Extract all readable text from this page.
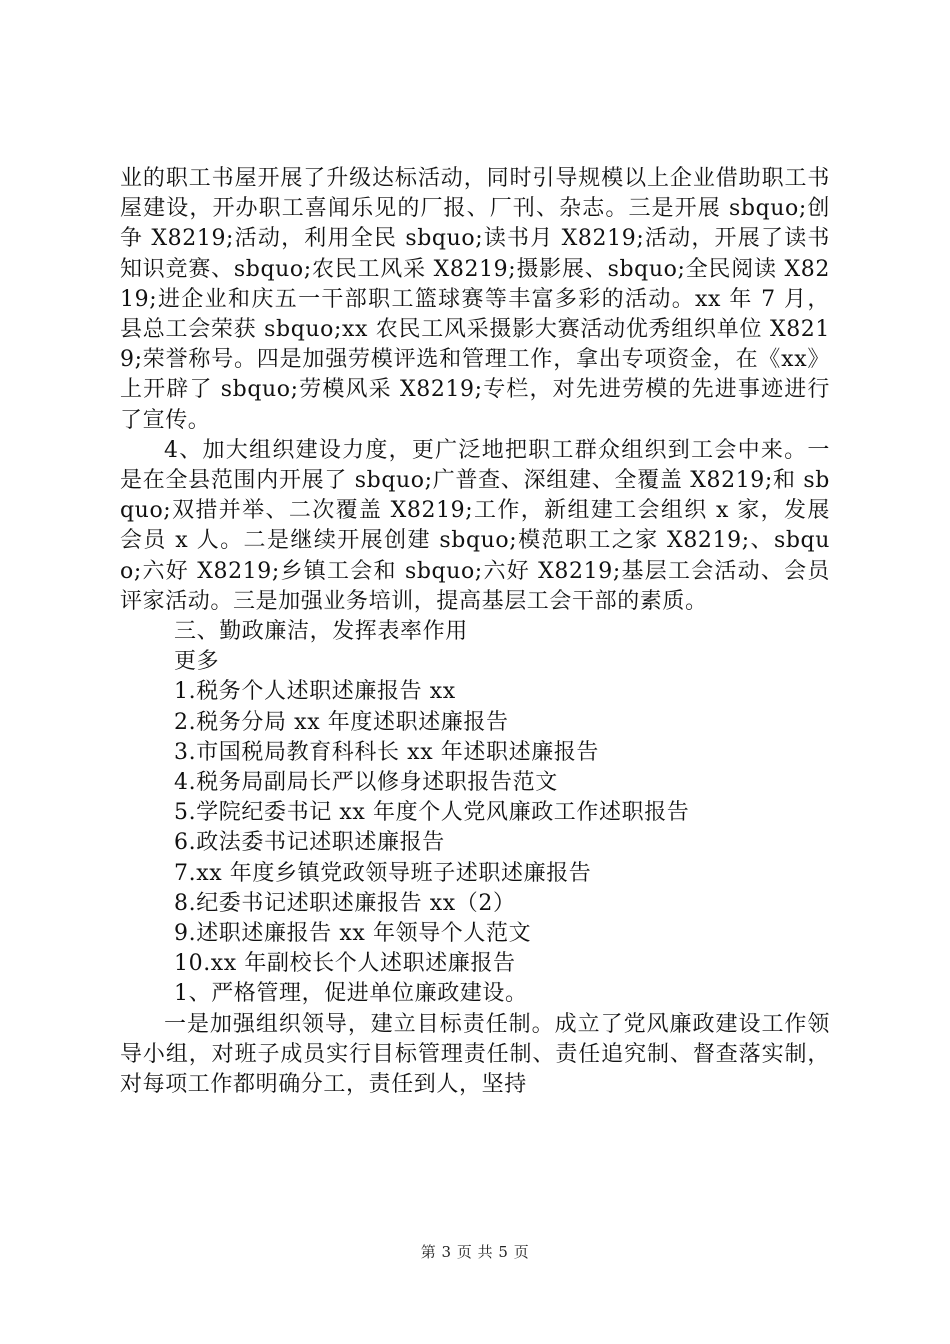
业的职工书屋开展了升级达标活动，同时引导规模以上企业借助职工书屋建设，开办职工喜闻乐见的厂报、厂刊、杂志。三是开展 sbquo;创争 X8219;活动，利用全民 sbquo;读书月 X8219;活动，开展了读书知识竞赛、sbquo;农民工风采 X8219;摄影展、sbquo;全民阅读 X8219;进企业和庆五一干部职工篮球赛等丰富多彩的活动。xx 年 7 月，县总工会荣获 sbquo;xx 农民工风采摄影大赛活动优秀组织单位 X8219;荣誉称号。四是加强劳模评选和管理工作，拿出专项资金，在《xx》上开辟了 sbquo;劳模风采 X8219;专栏，对先进劳模的先进事迹进行了宣传。

4、加大组织建设力度，更广泛地把职工群众组织到工会中来。一是在全县范围内开展了 sbquo;广普查、深组建、全覆盖 X8219;和 sbquo;双措并举、二次覆盖 X8219;工作，新组建工会组织 x 家，发展会员 x 人。二是继续开展创建 sbquo;模范职工之家 X8219;、sbquo;六好 X8219;乡镇工会和 sbquo;六好 X8219;基层工会活动、会员评家活动。三是加强业务培训，提高基层工会干部的素质。

三、勤政廉洁，发挥表率作用

更多

1.税务个人述职述廉报告 xx

2.税务分局 xx 年度述职述廉报告

3.市国税局教育科科长 xx 年述职述廉报告

4.税务局副局长严以修身述职报告范文

5.学院纪委书记 xx 年度个人党风廉政工作述职报告

6.政法委书记述职述廉报告

7.xx 年度乡镇党政领导班子述职述廉报告

8.纪委书记述职述廉报告 xx（2）

9.述职述廉报告 xx 年领导个人范文

10.xx 年副校长个人述职述廉报告

1、严格管理，促进单位廉政建设。

一是加强组织领导，建立目标责任制。成立了党风廉政建设工作领导小组，对班子成员实行目标管理责任制、责任追究制、督查落实制，对每项工作都明确分工，责任到人，坚持

第 3 页 共 5 页
